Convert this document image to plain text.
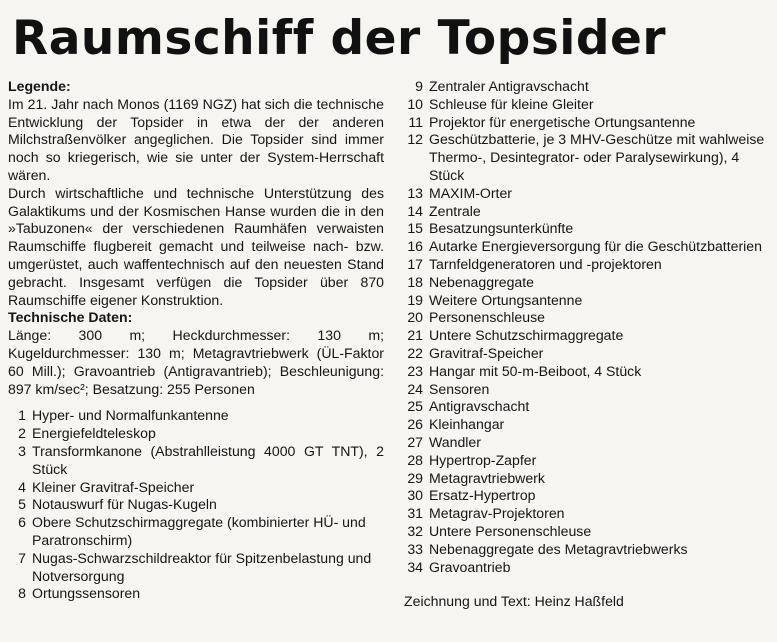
Raumschiff der Topsider
Legende:
Im 21. Jahr nach Monos (1169 NGZ) hat sich die technische Entwicklung der Topsider in etwa der der anderen Milchstraßenvölker angeglichen. Die Topsider sind immer noch so kriegerisch, wie sie unter der System-Herrschaft wären.
Durch wirtschaftliche und technische Unterstützung des Galaktikums und der Kosmischen Hanse wurden die in den »Tabuzonen« der verschiedenen Raumhäfen verwaisten Raumschiffe flugbereit gemacht und teilweise nach- bzw. umgerüstet, auch waffentechnisch auf den neuesten Stand gebracht. Insgesamt verfügen die Topsider über 870 Raumschiffe eigener Konstruktion.
Technische Daten:
Länge: 300 m; Heckdurchmesser: 130 m; Kugeldurchmesser: 130 m; Metagravtriebwerk (ÜL-Faktor 60 Mill.); Gravoantrieb (Antigravantrieb); Beschleunigung: 897 km/sec²; Besatzung: 255 Personen
1 Hyper- und Normalfunkantenne
2 Energiefeldteleskop
3 Transformkanone (Abstrahlleistung 4000 GT TNT), 2 Stück
4 Kleiner Gravitraf-Speicher
5 Notauswurf für Nugas-Kugeln
6 Obere Schutzschirmaggregate (kombinierter HÜ- und Paratronschirm)
7 Nugas-Schwarzschildreaktor für Spitzenbelastung und Notversorgung
8 Ortungssensoren
9 Zentraler Antigravschacht
10 Schleuse für kleine Gleiter
11 Projektor für energetische Ortungsantenne
12 Geschützbatterie, je 3 MHV-Geschütze mit wahlweise Thermo-, Desintegrator- oder Paralysewirkung), 4 Stück
13 MAXIM-Orter
14 Zentrale
15 Besatzungsunterkünfte
16 Autarke Energieversorgung für die Geschützbatterien
17 Tarnfeldgeneratoren und -projektoren
18 Nebenaggregate
19 Weitere Ortungsantenne
20 Personenschleuse
21 Untere Schutzschirmaggregate
22 Gravitraf-Speicher
23 Hangar mit 50-m-Beiboot, 4 Stück
24 Sensoren
25 Antigravschacht
26 Kleinhangar
27 Wandler
28 Hypertrop-Zapfer
29 Metagravtriebwerk
30 Ersatz-Hypertrop
31 Metagrav-Projektoren
32 Untere Personenschleuse
33 Nebenaggregate des Metagravtriebwerks
34 Gravoantrieb
Zeichnung und Text: Heinz Haßfeld
